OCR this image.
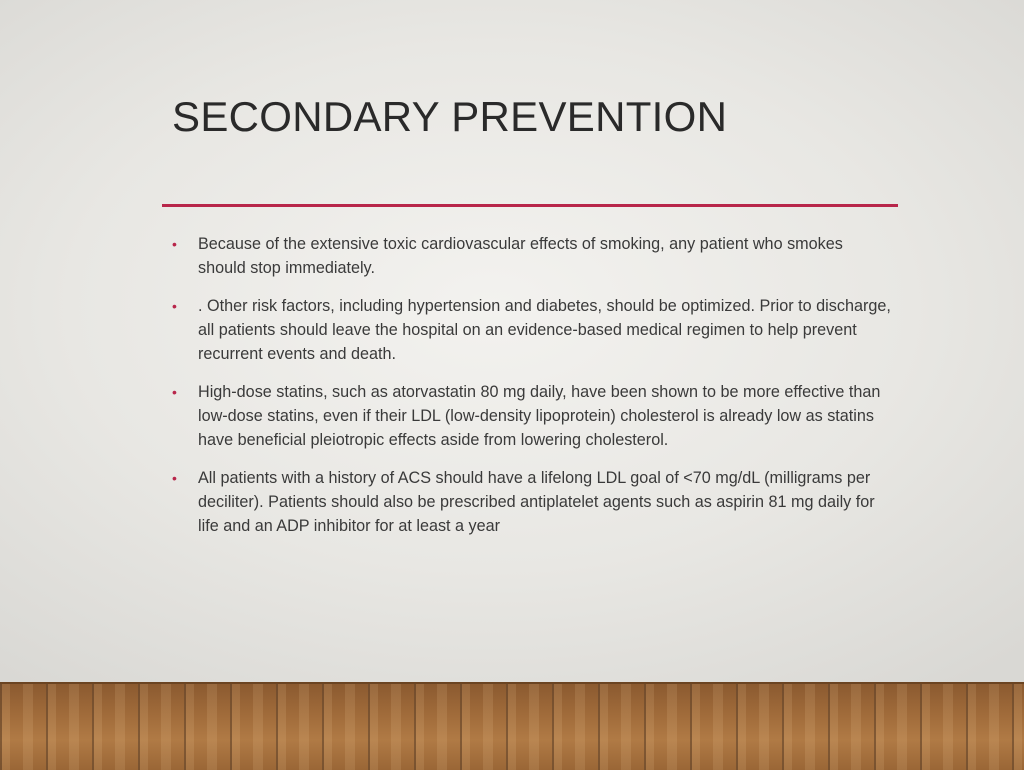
SECONDARY PREVENTION
• Because of the extensive toxic cardiovascular effects of smoking, any patient who smokes should stop immediately.
• . Other risk factors, including hypertension and diabetes, should be optimized. Prior to discharge, all patients should leave the hospital on an evidence-based medical regimen to help prevent recurrent events and death.
• High-dose statins, such as atorvastatin 80 mg daily, have been shown to be more effective than low-dose statins, even if their LDL (low-density lipoprotein) cholesterol is already low as statins have beneficial pleiotropic effects aside from lowering cholesterol.
• All patients with a history of ACS should have a lifelong LDL goal of <70 mg/dL (milligrams per deciliter). Patients should also be prescribed antiplatelet agents such as aspirin 81 mg daily for life and an ADP inhibitor for at least a year
